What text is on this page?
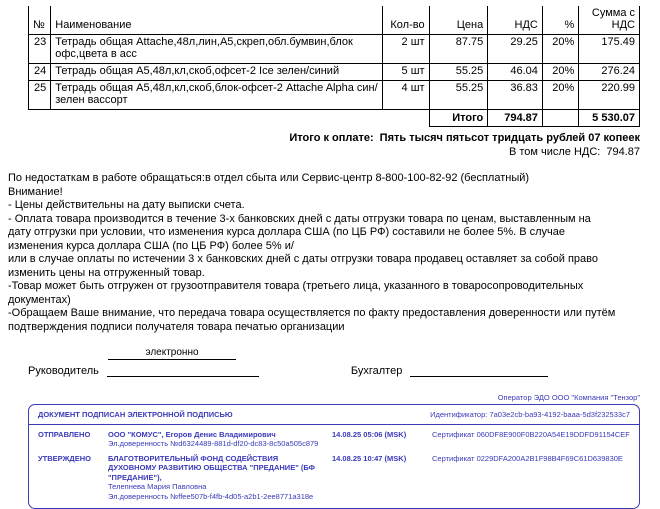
№	Наименование	Кол-во	Цена	НДС	%	Сумма с НДС
23	Тетрадь общая Attache,48л,лин,А5,скреп,обл.бумвин,блок офс,цвета в асс	2 шт	87.75	29.25	20%	175.49
24	Тетрадь общая А5,48л,кл,скоб,офсет-2 Ice зелен/синий	5 шт	55.25	46.04	20%	276.24
25	Тетрадь общая А5,48л,кл,скоб,блок-офсет-2 Attache Alpha син/зелен вассорт	4 шт	55.25	36.83	20%	220.99
			Итого	794.87		5 530.07
Итого к оплате: Пять тысяч пятьсот тридцать рублей 07 копеек
В том числе НДС: 794.87
По недостаткам в работе обращаться:в отдел сбыта или Сервис-центр 8-800-100-82-92 (бесплатный)
Внимание!
- Цены действительны на дату выписки счета.
- Оплата товара производится в течение 3-х банковских дней с даты отгрузки товара по ценам, выставленным на
дату отгрузки при условии, что изменения курса доллара США (по ЦБ РФ) составили не более 5%. В случае
изменения курса доллара США (по ЦБ РФ) более 5% и/
или в случае оплаты по истечении 3 х банковских дней с даты отгрузки товара продавец оставляет за собой право
изменить цены на отгруженный товар.
-Товар может быть отгружен от грузоотправителя товара (третьего лица, указанного в товаросопроводительных
документах)
-Обращаем Ваше внимание, что передача товара осуществляется по факту предоставления доверенности или путём
подтверждения подписи получателя товара печатью организации
электронно
Руководитель	Бухгалтер
Оператор ЭДО ООО "Компания "Тензор"
ДОКУМЕНТ ПОДПИСАН ЭЛЕКТРОННОЙ ПОДПИСЬЮ	Идентификатор: 7a03e2cb-ba93-4192-baaa-5d3f232533c7
ОТПРАВЛЕНО	ООО "КОМУС", Егоров Денис Владимирович
Эл.доверенность №d6324489-881d-df20-dc83-8c50a505c879
14.08.25 05:06 (MSK)	Сертификат 060DF8E900F0B220A54E19DDFD91154CEF
УТВЕРЖДЕНО	БЛАГОТВОРИТЕЛЬНЫЙ ФОНД СОДЕЙСТВИЯ ДУХОВНОМУ РАЗВИТИЮ ОБЩЕСТВА "ПРЕДАНИЕ" (БФ "ПРЕДАНИЕ"),
Телепнева Мария Павловна
Эл.доверенность №ffee507b-f4fb-4d05-a2b1-2ee8771a318e
14.08.25 10:47 (MSK)	Сертификат 0229DFA200A2B1F98B4F69C61D639830E
